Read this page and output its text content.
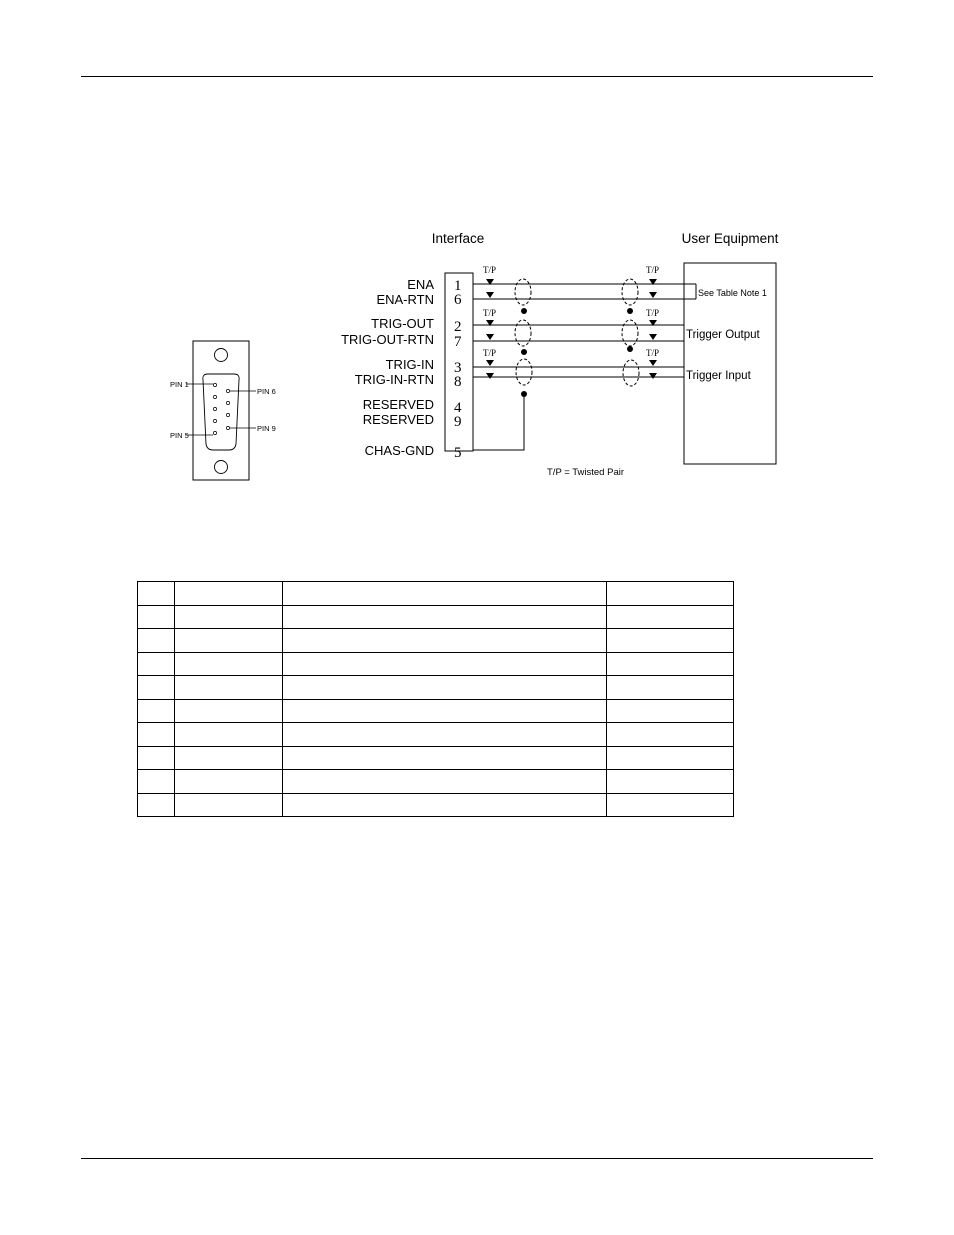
PIN 1
PIN 5
PIN 6
PIN 9
Interface	User Equipment
ENA
ENA-RTN
TRIG-OUT
TRIG-OUT-RTN
TRIG-IN
TRIG-IN-RTN
RESERVED
RESERVED
CHAS-GND
1
6
2
7
3
8
4
9
5
T/P
T/P
T/P
T/P
T/P
T/P
See Table Note 1
Trigger Output
Trigger Input
T/P = Twisted Pair
